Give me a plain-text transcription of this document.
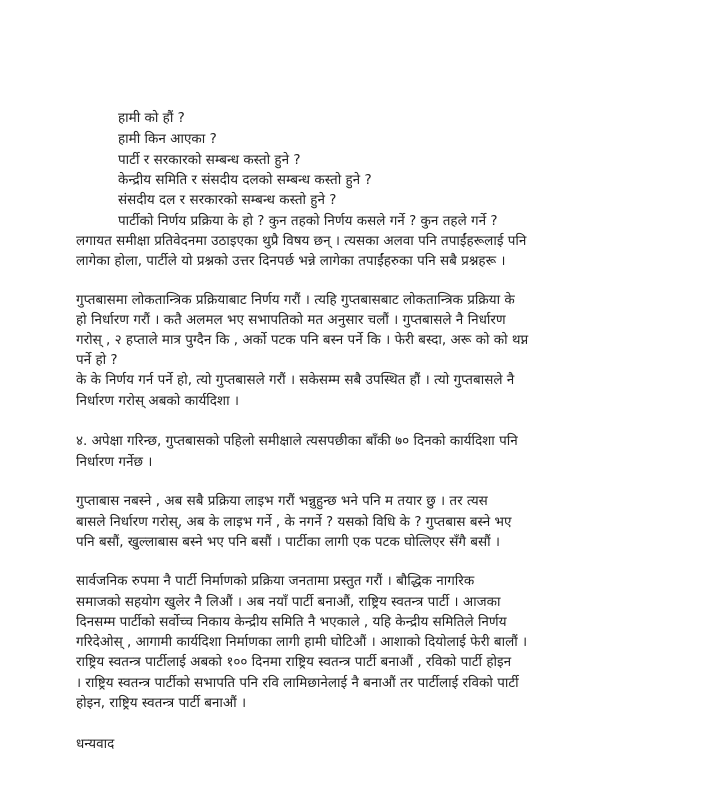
हामी को हौं ?

हामी किन आएका ?

पार्टी र सरकारको सम्बन्ध कस्तो हुने ?

केन्द्रीय समिति र संसदीय दलको सम्बन्ध कस्तो हुने ?

संसदीय दल र सरकारको सम्बन्ध कस्तो हुने ?

पार्टीको निर्णय प्रक्रिया के हो ? कुन तहको निर्णय कसले गर्ने ? कुन तहले गर्ने ?

लगायत समीक्षा प्रतिवेदनमा उठाइएका थुप्रै विषय छन् । त्यसका अलवा पनि तपाईंहरूलाई पनि

लागेका होला, पार्टीले यो प्रश्नको उत्तर दिनपर्छ भन्ने लागेका तपाईंहरुका पनि सबै प्रश्नहरू ।

गुप्तबासमा लोकतान्त्रिक प्रक्रियाबाट निर्णय गरौं । त्यहि गुप्तबासबाट लोकतान्त्रिक प्रक्रिया के

हो निर्धारण गरौं । कतै अलमल भए सभापतिको मत अनुसार चलौं । गुप्तबासले नै निर्धारण

गरोस् , २ हप्ताले मात्र पुग्दैन कि , अर्को पटक पनि बस्न पर्ने कि । फेरी बस्दा, अरू को को थप्न

पर्ने हो ?

के के निर्णय गर्न पर्ने हो, त्यो गुप्तबासले गरौं । सकेसम्म सबै उपस्थित हौं । त्यो गुप्तबासले नै

निर्धारण गरोस् अबको कार्यदिशा ।

४. अपेक्षा गरिन्छ, गुप्तबासको पहिलो समीक्षाले त्यसपछीका बाँकी ७० दिनको कार्यदिशा पनि

निर्धारण गर्नेछ ।

गुप्ताबास नबस्ने , अब सबै प्रक्रिया लाइभ गरौं भन्नुहुन्छ भने पनि म तयार छु । तर त्यस

बासले निर्धारण गरोस्, अब के लाइभ गर्ने , के नगर्ने ? यसको विधि के ? गुप्तबास बस्ने भए

पनि बसौं, खुल्लाबास बस्ने भए पनि बसौं । पार्टीका लागी एक पटक घोत्लिएर सँगै बसौं ।

सार्वजनिक रुपमा नै पार्टी निर्माणको प्रक्रिया जनतामा प्रस्तुत गरौं । बौद्धिक नागरिक

समाजको सहयोग खुलेर नै लिऔं । अब नयाँ पार्टी बनाऔं, राष्ट्रिय स्वतन्त्र पार्टी । आजका

दिनसम्म पार्टीको सर्वोच्च निकाय केन्द्रीय समिति नै भएकाले , यहि केन्द्रीय समितिले निर्णय

गरिदेओस् , आगामी कार्यदिशा निर्माणका लागी हामी घोटिऔं । आशाको दियोलाई फेरी बालौं ।

राष्ट्रिय स्वतन्त्र पार्टीलाई अबको १०० दिनमा राष्ट्रिय स्वतन्त्र पार्टी बनाऔं , रविको पार्टी होइन

। राष्ट्रिय स्वतन्त्र पार्टीको सभापति पनि रवि लामिछानेलाई नै बनाऔं तर पार्टीलाई रविको पार्टी

होइन, राष्ट्रिय स्वतन्त्र पार्टी बनाऔं ।

धन्यवाद
